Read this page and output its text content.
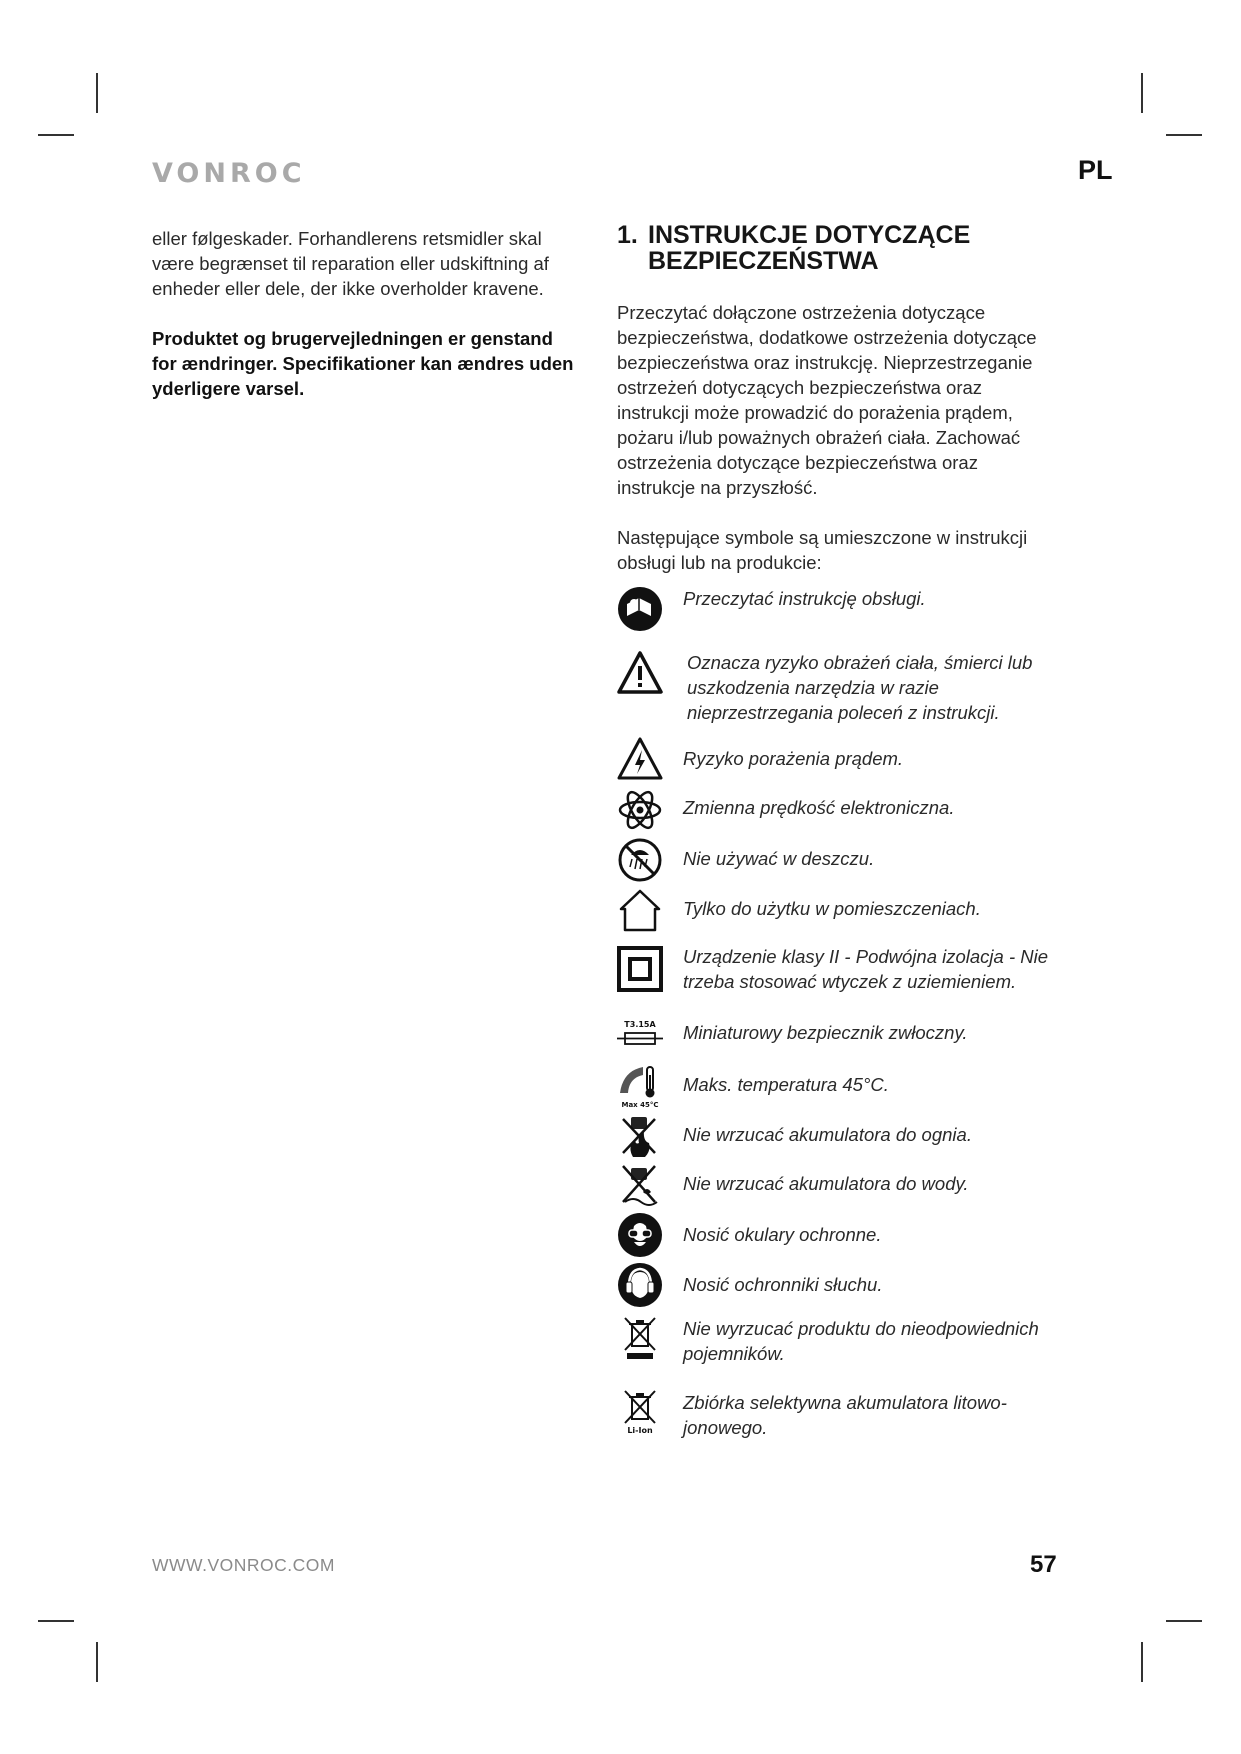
VONROC	PL

eller følgeskader. Forhandlerens retsmidler skal være begrænset til reparation eller udskiftning af enheder eller dele, der ikke overholder kravene.

Produktet og brugervejledningen er genstand for ændringer. Specifikationer kan ændres uden yderligere varsel.

1. INSTRUKCJE DOTYCZĄCE BEZPIECZEŃSTWA

Przeczytać dołączone ostrzeżenia dotyczące bezpieczeństwa, dodatkowe ostrzeżenia dotyczące bezpieczeństwa oraz instrukcję. Nieprzestrzeganie ostrzeżeń dotyczących bezpieczeństwa oraz instrukcji może prowadzić do porażenia prądem, pożaru i/lub poważnych obrażeń ciała. Zachować ostrzeżenia dotyczące bezpieczeństwa oraz instrukcje na przyszłość.

Następujące symbole są umieszczone w instrukcji obsługi lub na produkcie:

Przeczytać instrukcję obsługi.
Oznacza ryzyko obrażeń ciała, śmierci lub uszkodzenia narzędzia w razie nieprzestrzegania poleceń z instrukcji.
Ryzyko porażenia prądem.
Zmienna prędkość elektroniczna.
Nie używać w deszczu.
Tylko do użytku w pomieszczeniach.
Urządzenie klasy II - Podwójna izolacja - Nie trzeba stosować wtyczek z uziemieniem.
T3.15A Miniaturowy bezpiecznik zwłoczny.
Max 45°C
Maks. temperatura 45°C.
Nie wrzucać akumulatora do ognia.
Nie wrzucać akumulatora do wody.
Nosić okulary ochronne.
Nosić ochronniki słuchu.
Nie wyrzucać produktu do nieodpowiednich pojemników.
Li-Ion
Zbiórka selektywna akumulatora litowo-jonowego.
WWW.VONROC.COM	57
